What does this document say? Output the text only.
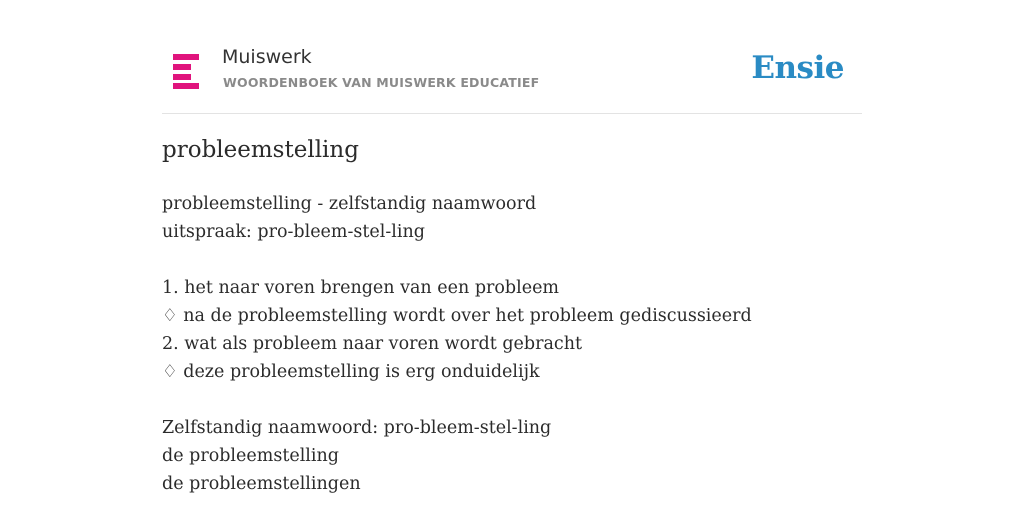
Muiswerk
WOORDENBOEK VAN MUISWERK EDUCATIEF	Ensie
probleemstelling
probleemstelling - zelfstandig naamwoord
uitspraak: pro-bleem-stel-ling
1. het naar voren brengen van een probleem
♢ na de probleemstelling wordt over het probleem gediscussieerd
2. wat als probleem naar voren wordt gebracht
♢ deze probleemstelling is erg onduidelijk
Zelfstandig naamwoord: pro-bleem-stel-ling
de probleemstelling
de probleemstellingen
